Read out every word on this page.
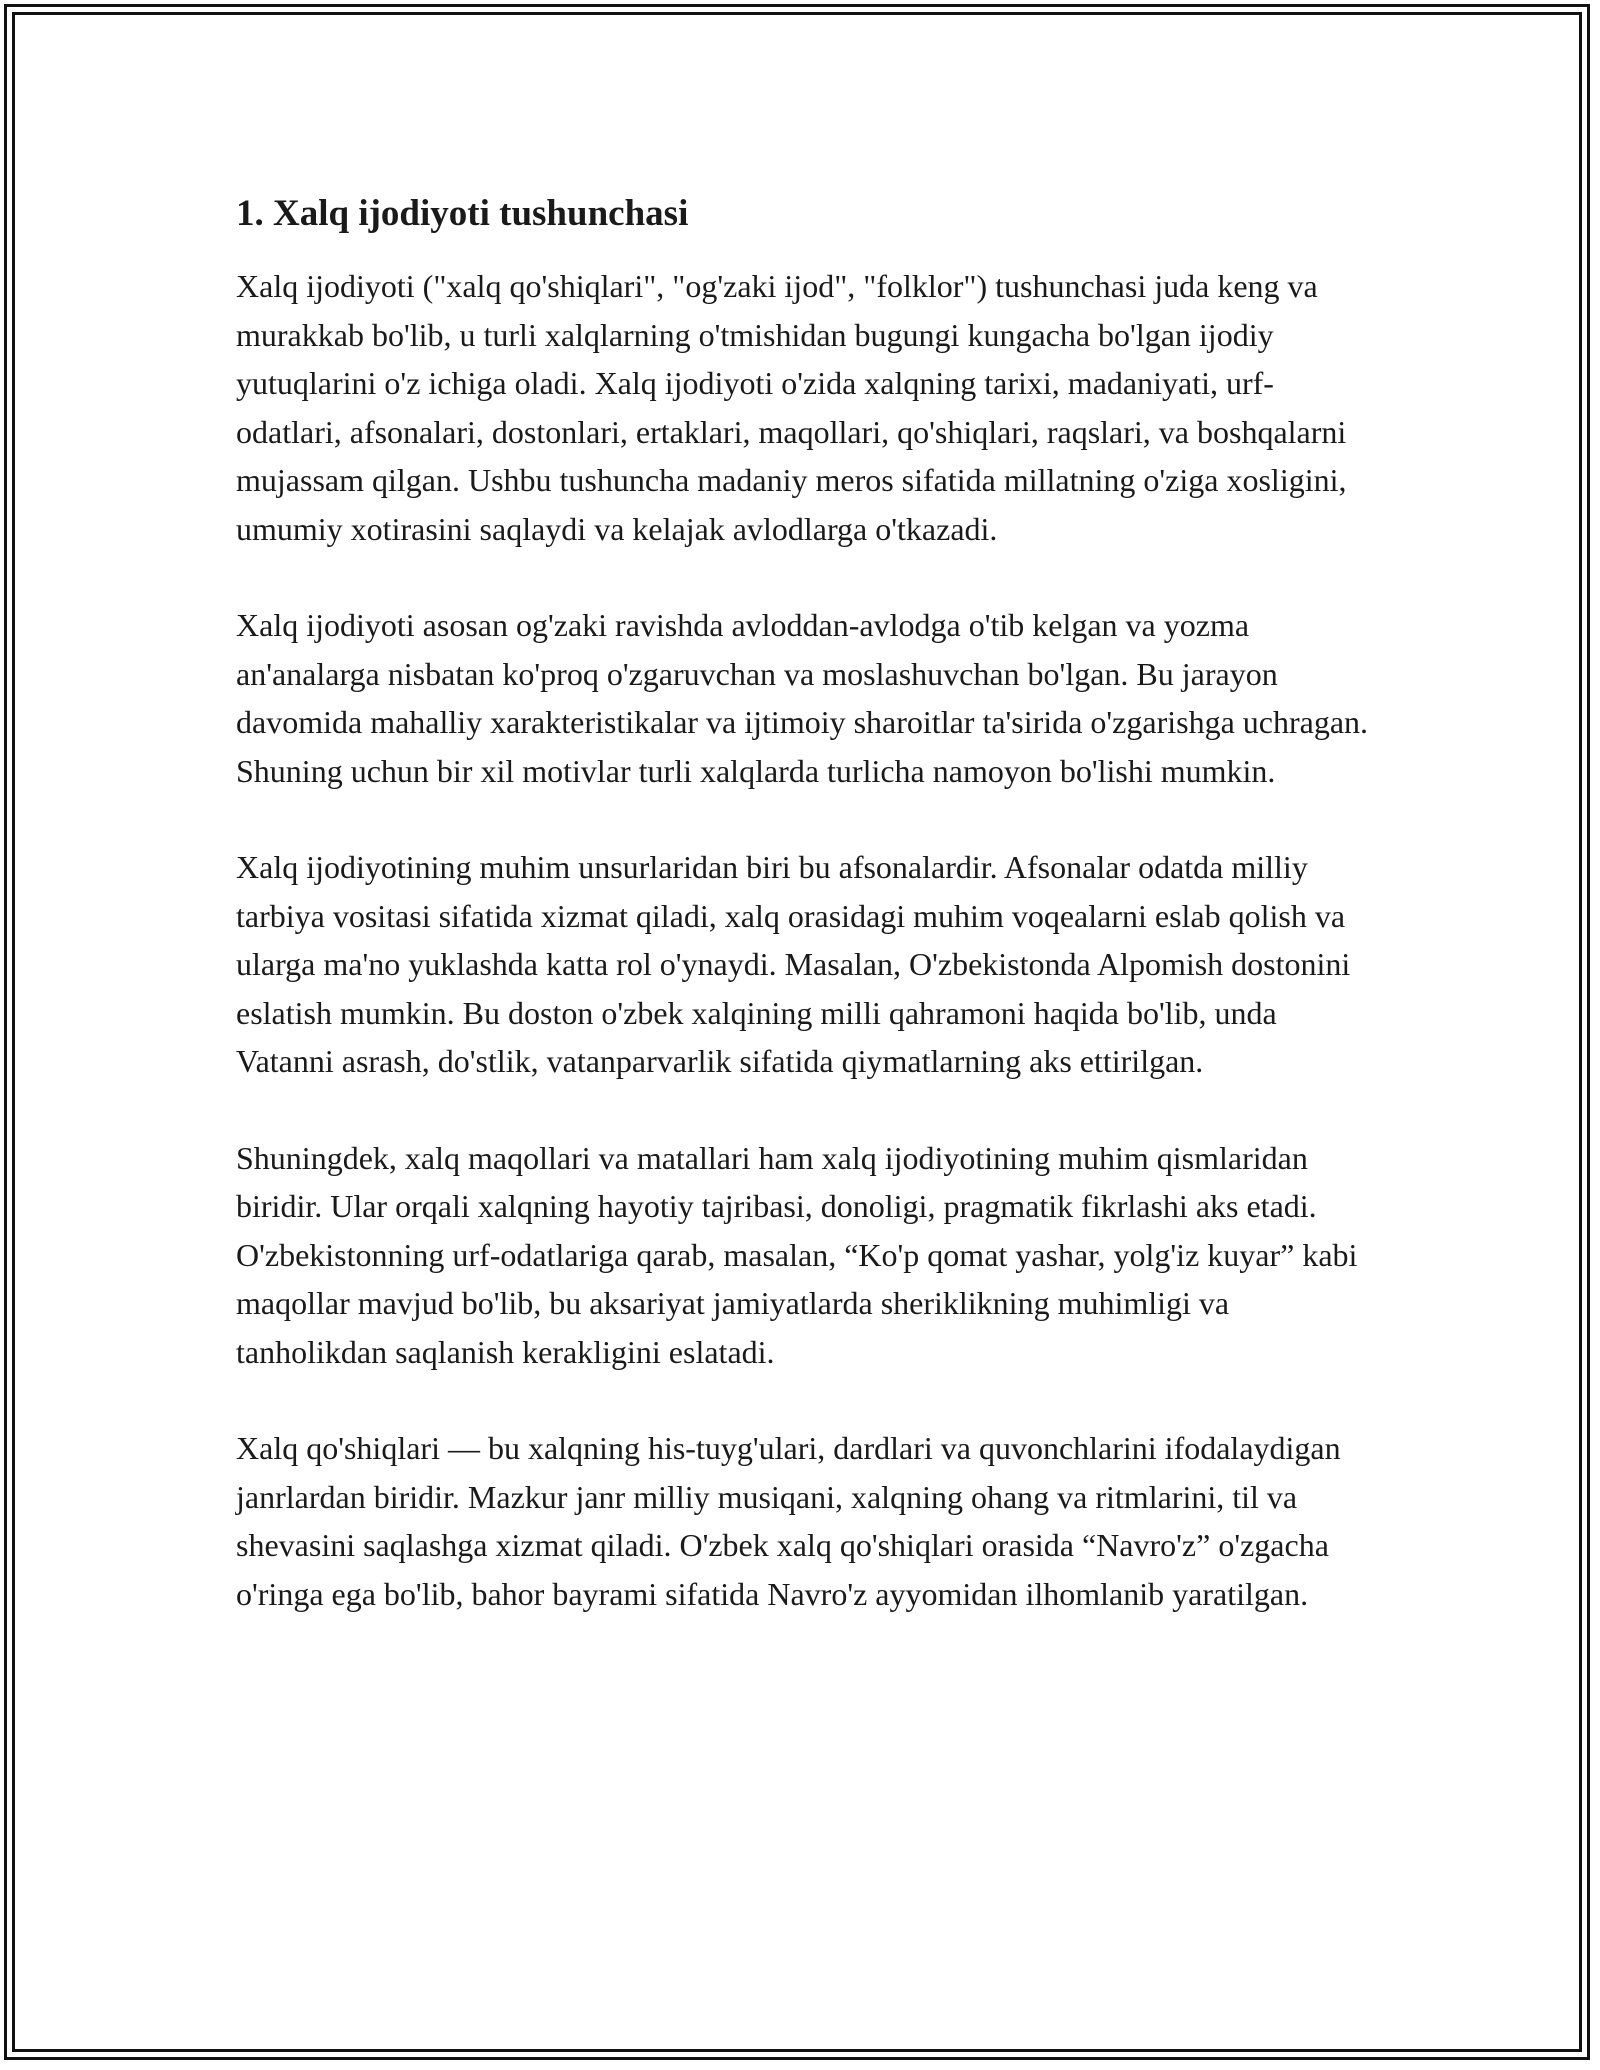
1. Xalq ijodiyoti tushunchasi

Xalq ijodiyoti ("xalq qo'shiqlari", "og'zaki ijod", "folklor") tushunchasi juda keng va murakkab bo'lib, u turli xalqlarning o'tmishidan bugungi kungacha bo'lgan ijodiy yutuqlarini o'z ichiga oladi. Xalq ijodiyoti o'zida xalqning tarixi, madaniyati, urf-odatlari, afsonalari, dostonlari, ertaklari, maqollari, qo'shiqlari, raqslari, va boshqalarni mujassam qilgan. Ushbu tushuncha madaniy meros sifatida millatning o'ziga xosligini, umumiy xotirasini saqlaydi va kelajak avlodlarga o'tkazadi.

Xalq ijodiyoti asosan og'zaki ravishda avloddan-avlodga o'tib kelgan va yozma an'analarga nisbatan ko'proq o'zgaruvchan va moslashuvchan bo'lgan. Bu jarayon davomida mahalliy xarakteristikalar va ijtimoiy sharoitlar ta'sirida o'zgarishga uchragan. Shuning uchun bir xil motivlar turli xalqlarda turlicha namoyon bo'lishi mumkin.

Xalq ijodiyotining muhim unsurlaridan biri bu afsonalardir. Afsonalar odatda milliy tarbiya vositasi sifatida xizmat qiladi, xalq orasidagi muhim voqealarni eslab qolish va ularga ma'no yuklashda katta rol o'ynaydi. Masalan, O'zbekistonda Alpomish dostonini eslatish mumkin. Bu doston o'zbek xalqining milli qahramoni haqida bo'lib, unda Vatanni asrash, do'stlik, vatanparvarlik sifatida qiymatlarning aks ettirilgan.

Shuningdek, xalq maqollari va matallari ham xalq ijodiyotining muhim qismlaridan biridir. Ular orqali xalqning hayotiy tajribasi, donoligi, pragmatik fikrlashi aks etadi. O'zbekistonning urf-odatlariga qarab, masalan, “Ko'p qomat yashar, yolg'iz kuyar” kabi maqollar mavjud bo'lib, bu aksariyat jamiyatlarda sheriklikning muhimligi va tanholikdan saqlanish kerakligini eslatadi.

Xalq qo'shiqlari — bu xalqning his-tuyg'ulari, dardlari va quvonchlarini ifodalaydigan janrlardan biridir. Mazkur janr milliy musiqani, xalqning ohang va ritmlarini, til va shevasini saqlashga xizmat qiladi. O'zbek xalq qo'shiqlari orasida “Navro'z” o'zgacha o'ringa ega bo'lib, bahor bayrami sifatida Navro'z ayyomidan ilhomlanib yaratilgan.
